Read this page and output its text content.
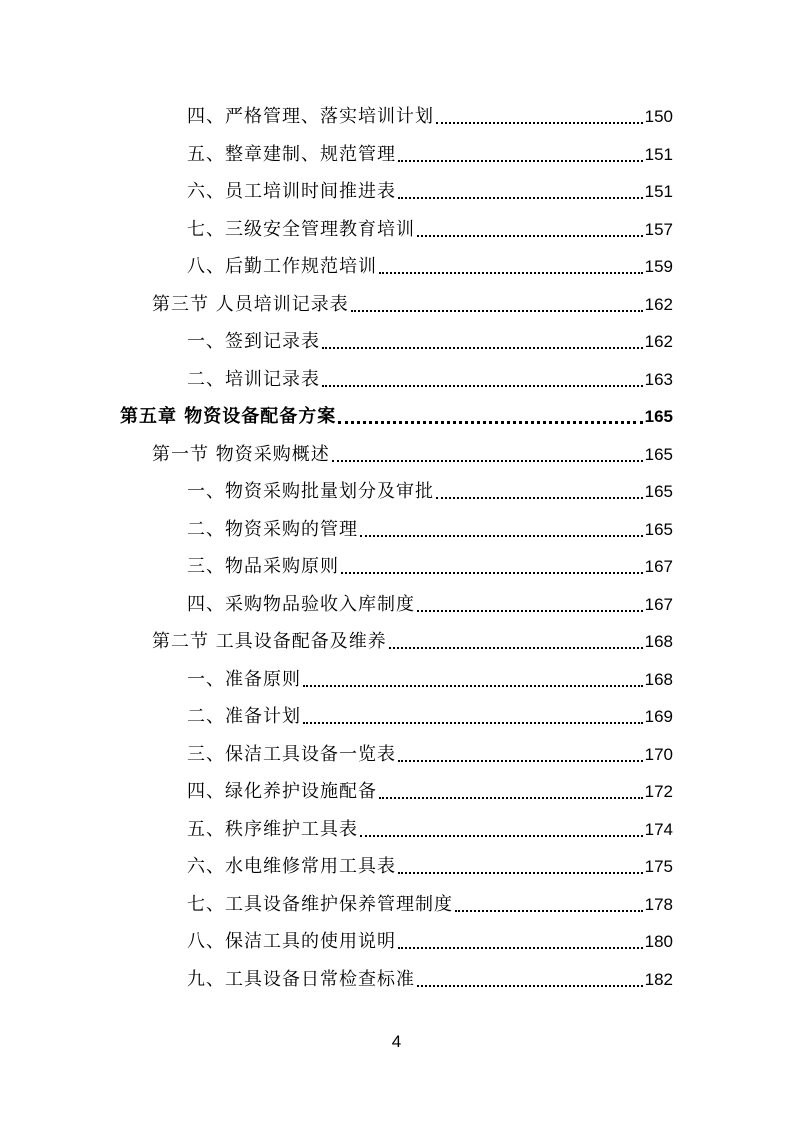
四、严格管理、落实培训计划	150
五、整章建制、规范管理	151
六、员工培训时间推进表	151
七、三级安全管理教育培训	157
八、后勤工作规范培训	159
第三节 人员培训记录表	162
一、签到记录表	162
二、培训记录表	163
第五章 物资设备配备方案	165
第一节 物资采购概述	165
一、物资采购批量划分及审批	165
二、物资采购的管理	165
三、物品采购原则	167
四、采购物品验收入库制度	167
第二节 工具设备配备及维养	168
一、准备原则	168
二、准备计划	169
三、保洁工具设备一览表	170
四、绿化养护设施配备	172
五、秩序维护工具表	174
六、水电维修常用工具表	175
七、工具设备维护保养管理制度	178
八、保洁工具的使用说明	180
九、工具设备日常检查标准	182
4
